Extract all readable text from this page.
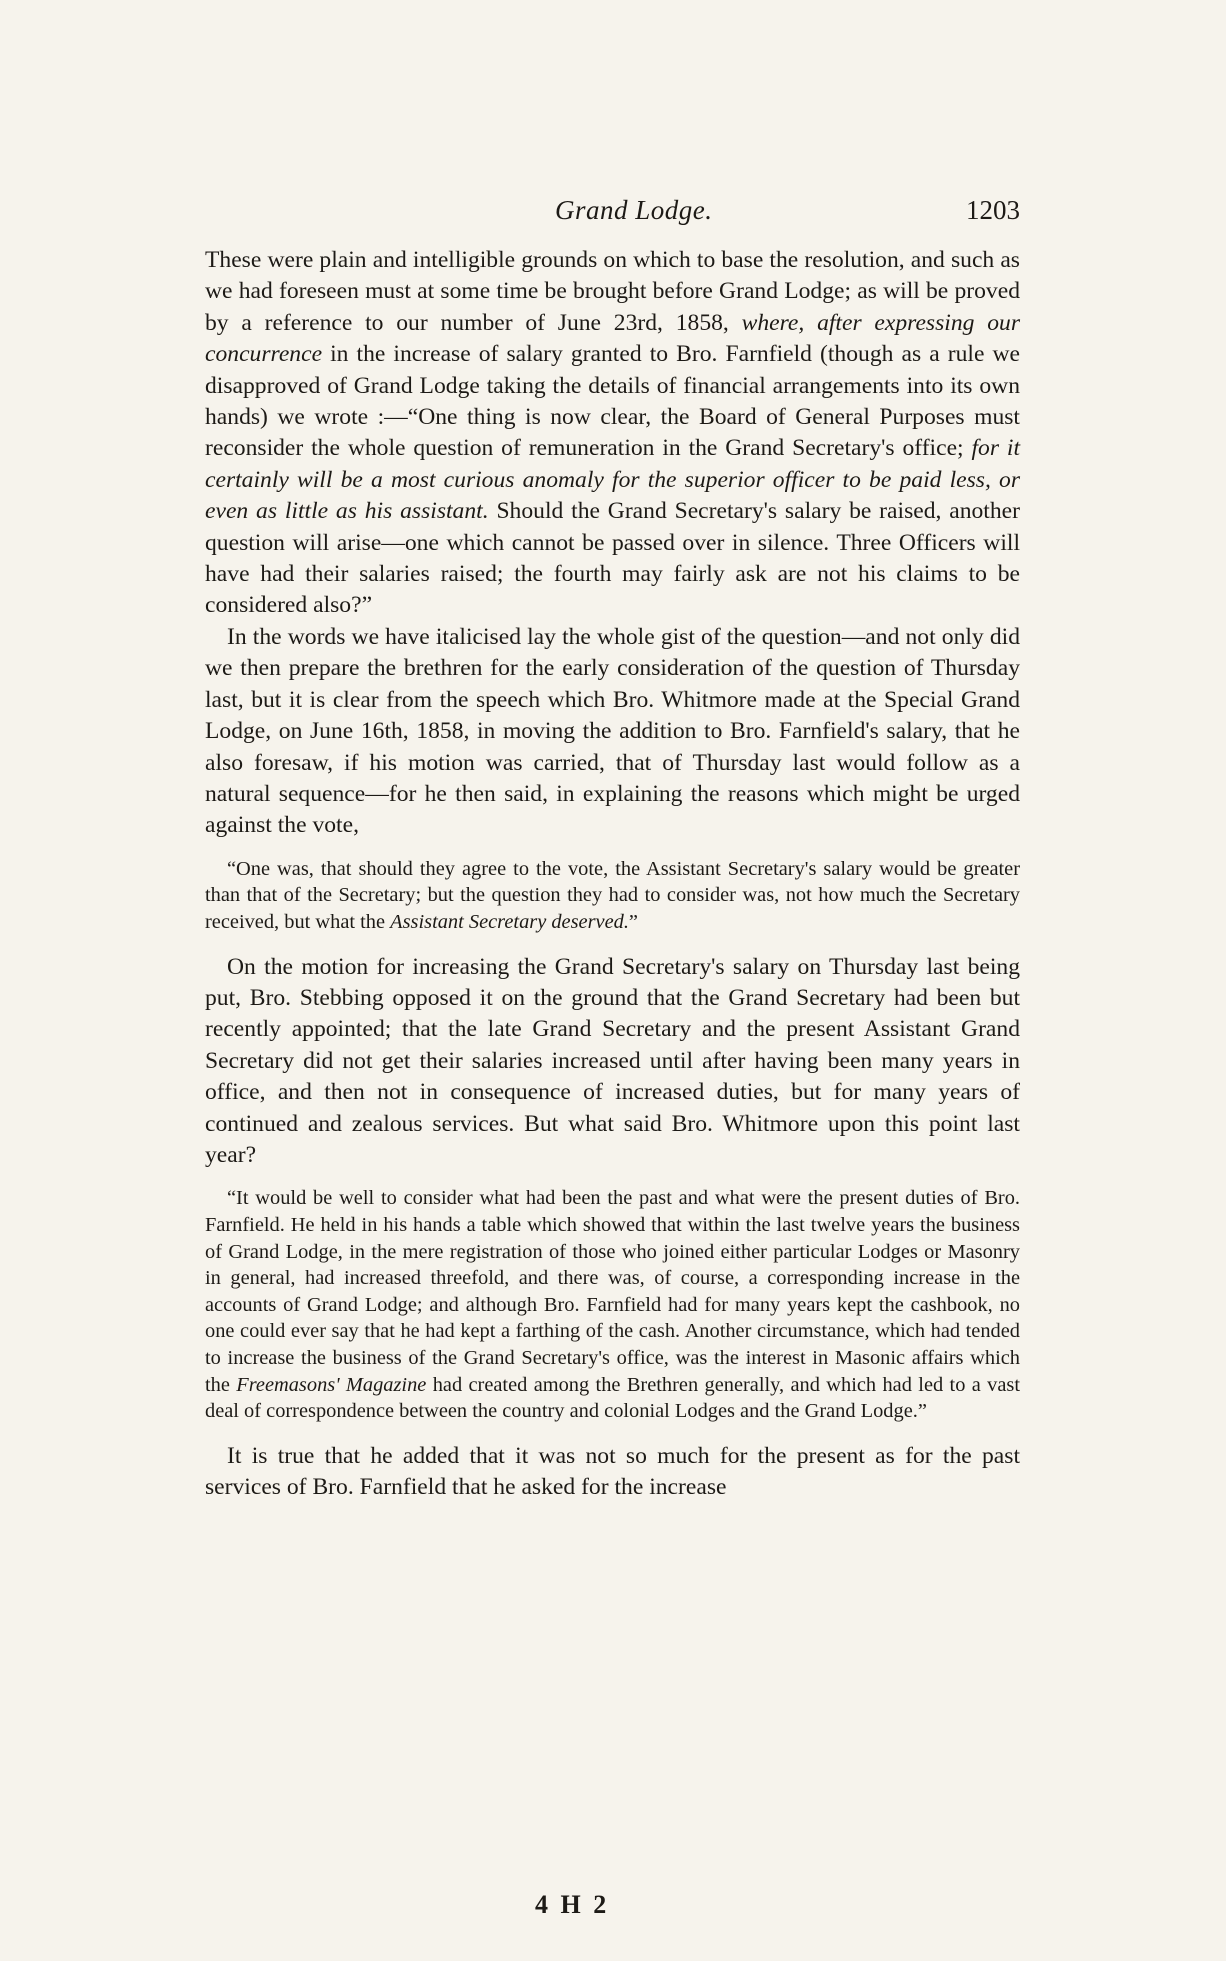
Grand Lodge.	1203

These were plain and intelligible grounds on which to base the resolution, and such as we had foreseen must at some time be brought before Grand Lodge; as will be proved by a reference to our number of June 23rd, 1858, where, after expressing our concurrence in the increase of salary granted to Bro. Farnfield (though as a rule we disapproved of Grand Lodge taking the details of financial arrangements into its own hands) we wrote :—“One thing is now clear, the Board of General Purposes must reconsider the whole question of remuneration in the Grand Secretary's office; for it certainly will be a most curious anomaly for the superior officer to be paid less, or even as little as his assistant. Should the Grand Secretary's salary be raised, another question will arise—one which cannot be passed over in silence. Three Officers will have had their salaries raised; the fourth may fairly ask are not his claims to be considered also?”

In the words we have italicised lay the whole gist of the question—and not only did we then prepare the brethren for the early consideration of the question of Thursday last, but it is clear from the speech which Bro. Whitmore made at the Special Grand Lodge, on June 16th, 1858, in moving the addition to Bro. Farnfield's salary, that he also foresaw, if his motion was carried, that of Thursday last would follow as a natural sequence—for he then said, in explaining the reasons which might be urged against the vote,

“One was, that should they agree to the vote, the Assistant Secretary's salary would be greater than that of the Secretary; but the question they had to consider was, not how much the Secretary received, but what the Assistant Secretary deserved.”

On the motion for increasing the Grand Secretary's salary on Thursday last being put, Bro. Stebbing opposed it on the ground that the Grand Secretary had been but recently appointed; that the late Grand Secretary and the present Assistant Grand Secretary did not get their salaries increased until after having been many years in office, and then not in consequence of increased duties, but for many years of continued and zealous services. But what said Bro. Whitmore upon this point last year?

“It would be well to consider what had been the past and what were the present duties of Bro. Farnfield. He held in his hands a table which showed that within the last twelve years the business of Grand Lodge, in the mere registration of those who joined either particular Lodges or Masonry in general, had increased threefold, and there was, of course, a corresponding increase in the accounts of Grand Lodge; and although Bro. Farnfield had for many years kept the cashbook, no one could ever say that he had kept a farthing of the cash. Another circumstance, which had tended to increase the business of the Grand Secretary's office, was the interest in Masonic affairs which the Freemasons' Magazine had created among the Brethren generally, and which had led to a vast deal of correspondence between the country and colonial Lodges and the Grand Lodge.”

It is true that he added that it was not so much for the present as for the past services of Bro. Farnfield that he asked for the increase

4 H 2
